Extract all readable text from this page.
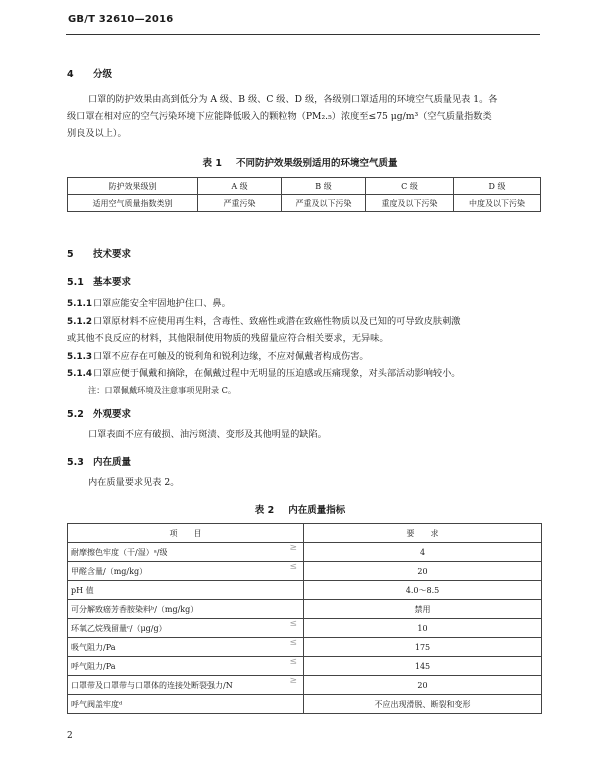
GB/T 32610—2016
4 分级
口罩的防护效果由高到低分为 A 级、B 级、C 级、D 级，各级别口罩适用的环境空气质量见表 1。各
级口罩在相对应的空气污染环境下应能降低吸入的颗粒物（PM₂.₅）浓度至≤75 μg/m³（空气质量指数类
别良及以上）。
表 1 不同防护效果级别适用的环境空气质量
防护效果级别	A 级	B 级	C 级	D 级
适用空气质量指数类别	严重污染	严重及以下污染	重度及以下污染	中度及以下污染
5 技术要求
5.1 基本要求
5.1.1口罩应能安全牢固地护住口、鼻。
5.1.2口罩原材料不应使用再生料，含毒性、致癌性或潜在致癌性物质以及已知的可导致皮肤刺激
或其他不良反应的材料，其他限制使用物质的残留量应符合相关要求，无异味。
5.1.3口罩不应存在可触及的锐利角和锐利边缘，不应对佩戴者构成伤害。
5.1.4口罩应便于佩戴和摘除，在佩戴过程中无明显的压迫感或压痛现象，对头部活动影响较小。
注：口罩佩戴环境及注意事项见附录 C。
5.2 外观要求
口罩表面不应有破损、油污斑渍、变形及其他明显的缺陷。
5.3 内在质量
内在质量要求见表 2。
表 2 内在质量指标
项　　目	要　　求
耐摩擦色牢度（干/湿）ᵃ/级 ≥	4
甲醛含量/（mg/kg） ≤	20
pH 值	4.0～8.5
可分解致癌芳香胺染料ᵇ/（mg/kg）	禁用
环氧乙烷残留量ᶜ/（μg/g） ≤	10
吸气阻力/Pa ≤	175
呼气阻力/Pa ≤	145
口罩带及口罩带与口罩体的连接处断裂强力/N ≥	20
呼气阀盖牢度ᵈ	不应出现滑脱、断裂和变形
2
